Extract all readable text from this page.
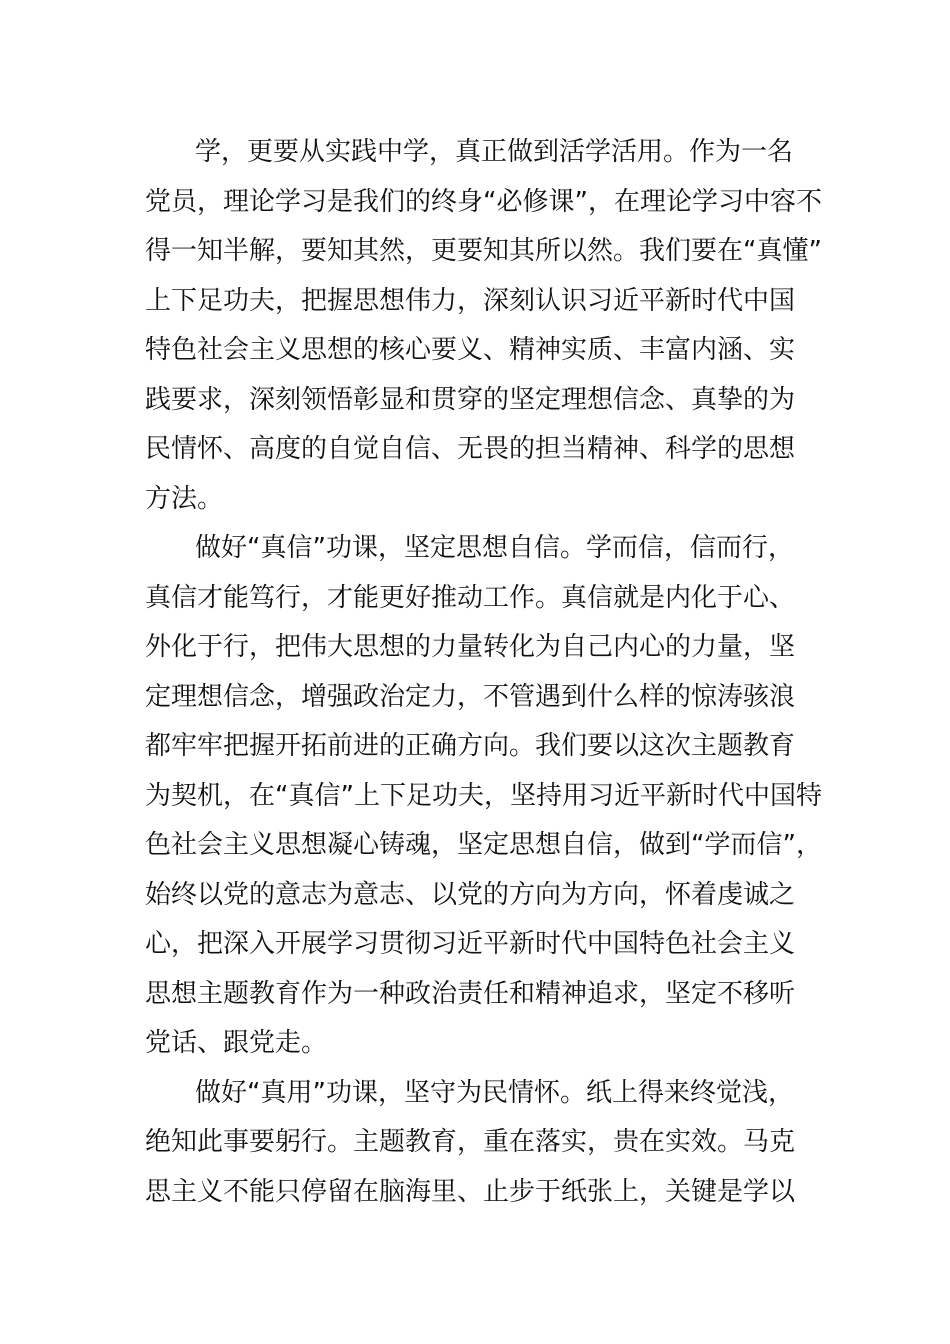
学，更要从实践中学，真正做到活学活用。作为一名
党员，理论学习是我们的终身“必修课”，在理论学习中容不
得一知半解，要知其然，更要知其所以然。我们要在“真懂”
上下足功夫，把握思想伟力，深刻认识习近平新时代中国
特色社会主义思想的核心要义、精神实质、丰富内涵、实
践要求，深刻领悟彰显和贯穿的坚定理想信念、真挚的为
民情怀、高度的自觉自信、无畏的担当精神、科学的思想
方法。
做好“真信”功课，坚定思想自信。学而信，信而行，
真信才能笃行，才能更好推动工作。真信就是内化于心、
外化于行，把伟大思想的力量转化为自己内心的力量，坚
定理想信念，增强政治定力，不管遇到什么样的惊涛骇浪
都牢牢把握开拓前进的正确方向。我们要以这次主题教育
为契机，在“真信”上下足功夫，坚持用习近平新时代中国特
色社会主义思想凝心铸魂，坚定思想自信，做到“学而信”，
始终以党的意志为意志、以党的方向为方向，怀着虔诚之
心，把深入开展学习贯彻习近平新时代中国特色社会主义
思想主题教育作为一种政治责任和精神追求，坚定不移听
党话、跟党走。
做好“真用”功课，坚守为民情怀。纸上得来终觉浅，
绝知此事要躬行。主题教育，重在落实，贵在实效。马克
思主义不能只停留在脑海里、止步于纸张上，关键是学以
